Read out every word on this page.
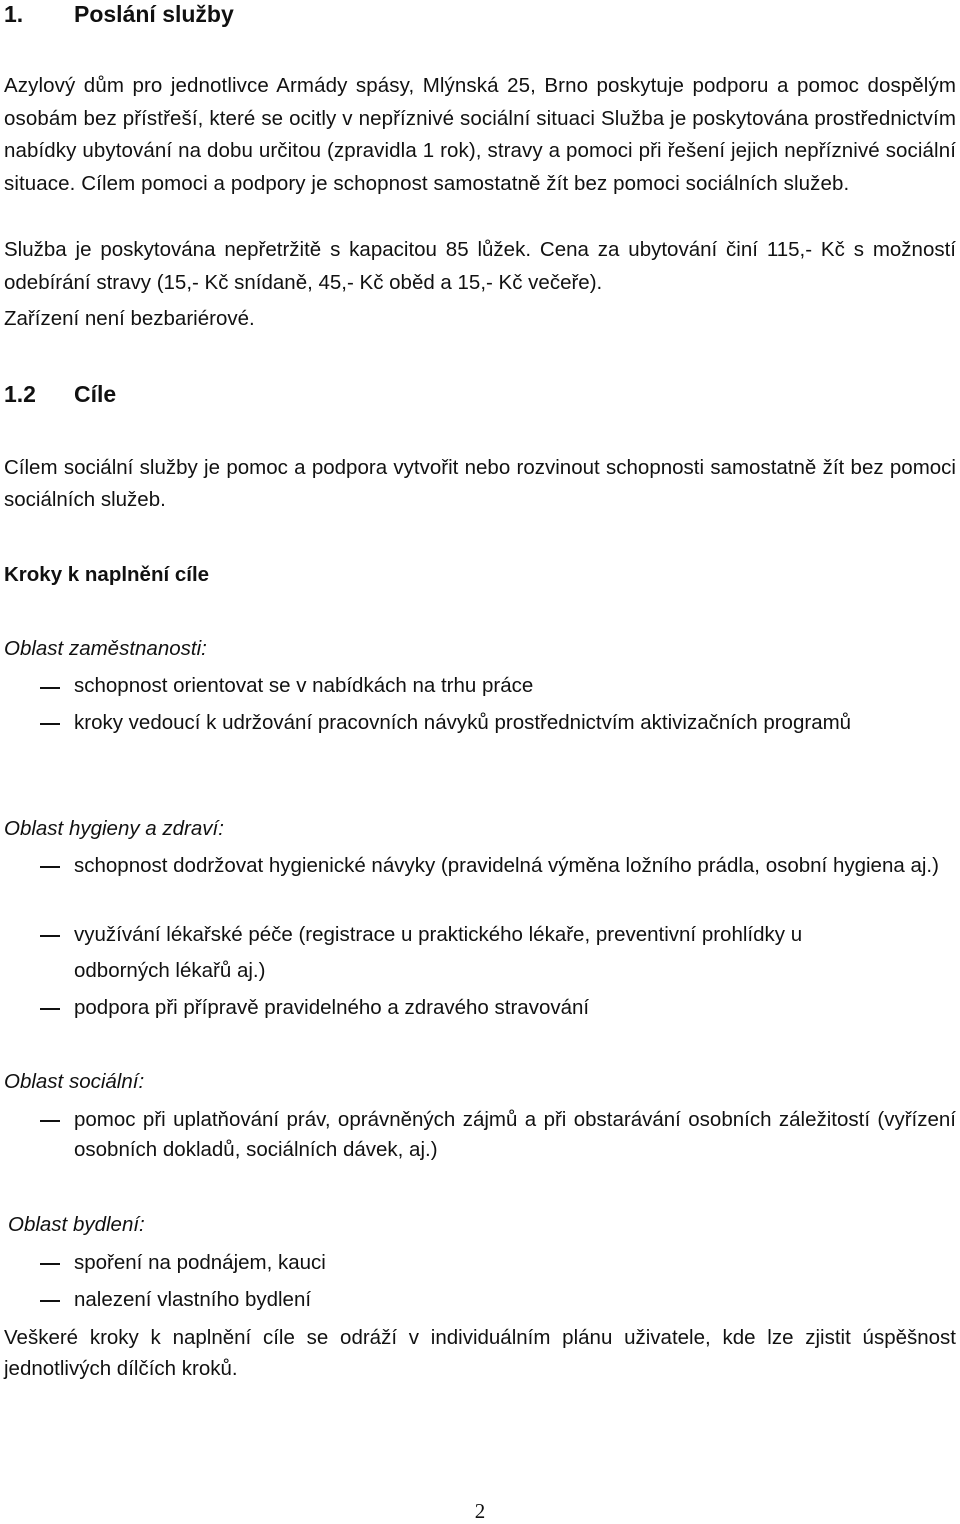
1. Poslání služby
Azylový dům pro jednotlivce Armády spásy, Mlýnská 25, Brno poskytuje podporu a pomoc dospělým osobám bez přístřeší, které se ocitly v nepříznivé sociální situaci Služba je poskytována prostřednictvím nabídky ubytování na dobu určitou (zpravidla 1 rok), stravy a pomoci při řešení jejich nepříznivé sociální situace. Cílem pomoci a podpory je schopnost samostatně žít bez pomoci sociálních služeb.
Služba je poskytována nepřetržitě s kapacitou 85 lůžek. Cena za ubytování činí 115,- Kč s možností odebírání stravy (15,- Kč snídaně, 45,- Kč oběd a 15,- Kč večeře).
Zařízení není bezbariérové.
1.2 Cíle
Cílem sociální služby je pomoc a podpora vytvořit nebo rozvinout schopnosti samostatně žít bez pomoci sociálních služeb.
Kroky k naplnění cíle
Oblast zaměstnanosti:
schopnost orientovat se v nabídkách na trhu práce
kroky vedoucí k udržování pracovních návyků prostřednictvím aktivizačních programů
Oblast hygieny a zdraví:
schopnost dodržovat hygienické návyky (pravidelná výměna ložního prádla, osobní hygiena aj.)
využívání lékařské péče (registrace u praktického lékaře, preventivní prohlídky u odborných lékařů aj.)
podpora při přípravě pravidelného a zdravého stravování
Oblast sociální:
pomoc při uplatňování práv, oprávněných zájmů a při obstarávání osobních záležitostí (vyřízení osobních dokladů, sociálních dávek, aj.)
Oblast bydlení:
spoření na podnájem, kauci
nalezení vlastního bydlení
Veškeré kroky k naplnění cíle se odráží v individuálním plánu uživatele, kde lze zjistit úspěšnost jednotlivých dílčích kroků.
2
